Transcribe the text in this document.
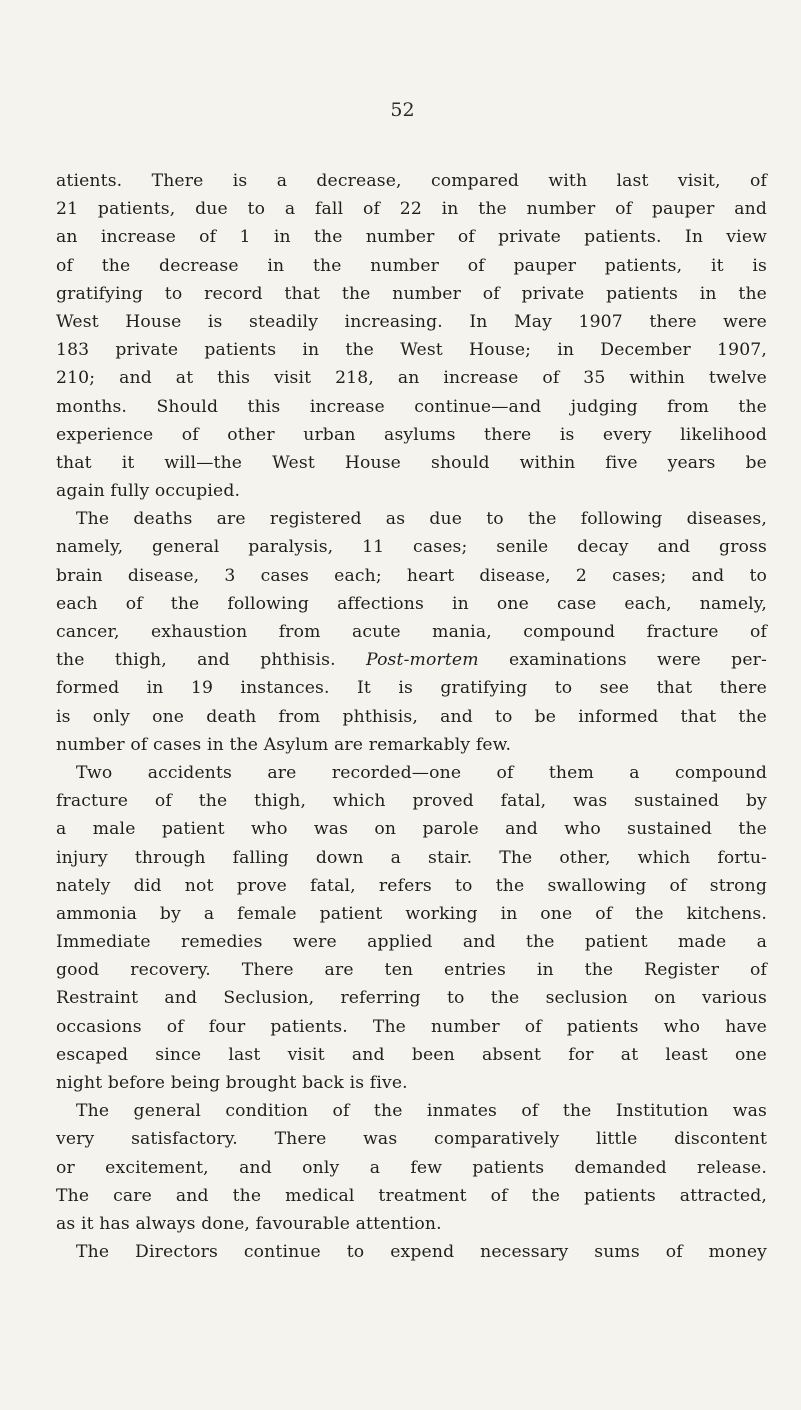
52
atients. There is a decrease, compared with last visit, of
21 patients, due to a fall of 22 in the number of pauper and
an increase of 1 in the number of private patients. In view
of the decrease in the number of pauper patients, it is
gratifying to record that the number of private patients in the
West House is steadily increasing. In May 1907 there were
183 private patients in the West House; in December 1907,
210; and at this visit 218, an increase of 35 within twelve
months. Should this increase continue—and judging from the
experience of other urban asylums there is every likelihood
that it will—the West House should within five years be
again fully occupied.
The deaths are registered as due to the following diseases,
namely, general paralysis, 11 cases; senile decay and gross
brain disease, 3 cases each; heart disease, 2 cases; and to
each of the following affections in one case each, namely,
cancer, exhaustion from acute mania, compound fracture of
the thigh, and phthisis. Post-mortem examinations were per-
formed in 19 instances. It is gratifying to see that there
is only one death from phthisis, and to be informed that the
number of cases in the Asylum are remarkably few.
Two accidents are recorded—one of them a compound
fracture of the thigh, which proved fatal, was sustained by
a male patient who was on parole and who sustained the
injury through falling down a stair. The other, which fortu-
nately did not prove fatal, refers to the swallowing of strong
ammonia by a female patient working in one of the kitchens.
Immediate remedies were applied and the patient made a
good recovery. There are ten entries in the Register of
Restraint and Seclusion, referring to the seclusion on various
occasions of four patients. The number of patients who have
escaped since last visit and been absent for at least one
night before being brought back is five.
The general condition of the inmates of the Institution was
very satisfactory. There was comparatively little discontent
or excitement, and only a few patients demanded release.
The care and the medical treatment of the patients attracted,
as it has always done, favourable attention.
The Directors continue to expend necessary sums of money
